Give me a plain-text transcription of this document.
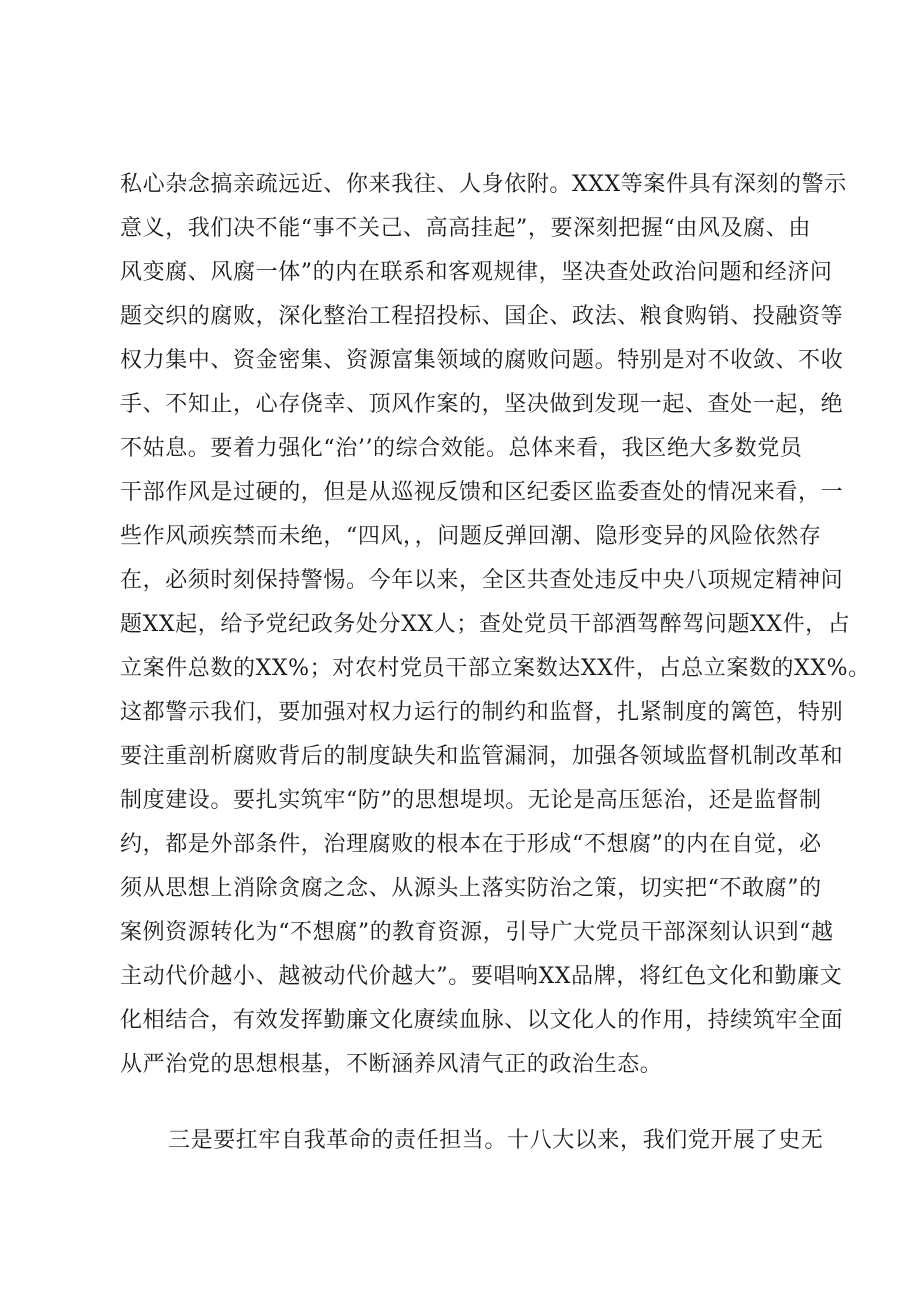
私心杂念搞亲疏远近、你来我往、人身依附。XXX等案件具有深刻的警示
意义，我们决不能“事不关己、高高挂起”，要深刻把握“由风及腐、由
风变腐、风腐一体”的内在联系和客观规律，坚决查处政治问题和经济问
题交织的腐败，深化整治工程招投标、国企、政法、粮食购销、投融资等
权力集中、资金密集、资源富集领域的腐败问题。特别是对不收敛、不收
手、不知止，心存侥幸、顶风作案的，坚决做到发现一起、查处一起，绝
不姑息。要着力强化“治’’的综合效能。总体来看，我区绝大多数党员
干部作风是过硬的，但是从巡视反馈和区纪委区监委查处的情况来看，一
些作风顽疾禁而未绝，“四风，，问题反弹回潮、隐形变异的风险依然存
在，必须时刻保持警惕。今年以来，全区共查处违反中央八项规定精神问
题XX起，给予党纪政务处分XX人；查处党员干部酒驾醉驾问题XX件，占
立案件总数的XX%；对农村党员干部立案数达XX件，占总立案数的XX%。
这都警示我们，要加强对权力运行的制约和监督，扎紧制度的篱笆，特别
要注重剖析腐败背后的制度缺失和监管漏洞，加强各领域监督机制改革和
制度建设。要扎实筑牢“防”的思想堤坝。无论是高压惩治，还是监督制
约，都是外部条件，治理腐败的根本在于形成“不想腐”的内在自觉，必
须从思想上消除贪腐之念、从源头上落实防治之策，切实把“不敢腐”的
案例资源转化为“不想腐”的教育资源，引导广大党员干部深刻认识到“越
主动代价越小、越被动代价越大”。要唱响XX品牌，将红色文化和勤廉文
化相结合，有效发挥勤廉文化赓续血脉、以文化人的作用，持续筑牢全面
从严治党的思想根基，不断涵养风清气正的政治生态。
三是要扛牢自我革命的责任担当。十八大以来，我们党开展了史无
